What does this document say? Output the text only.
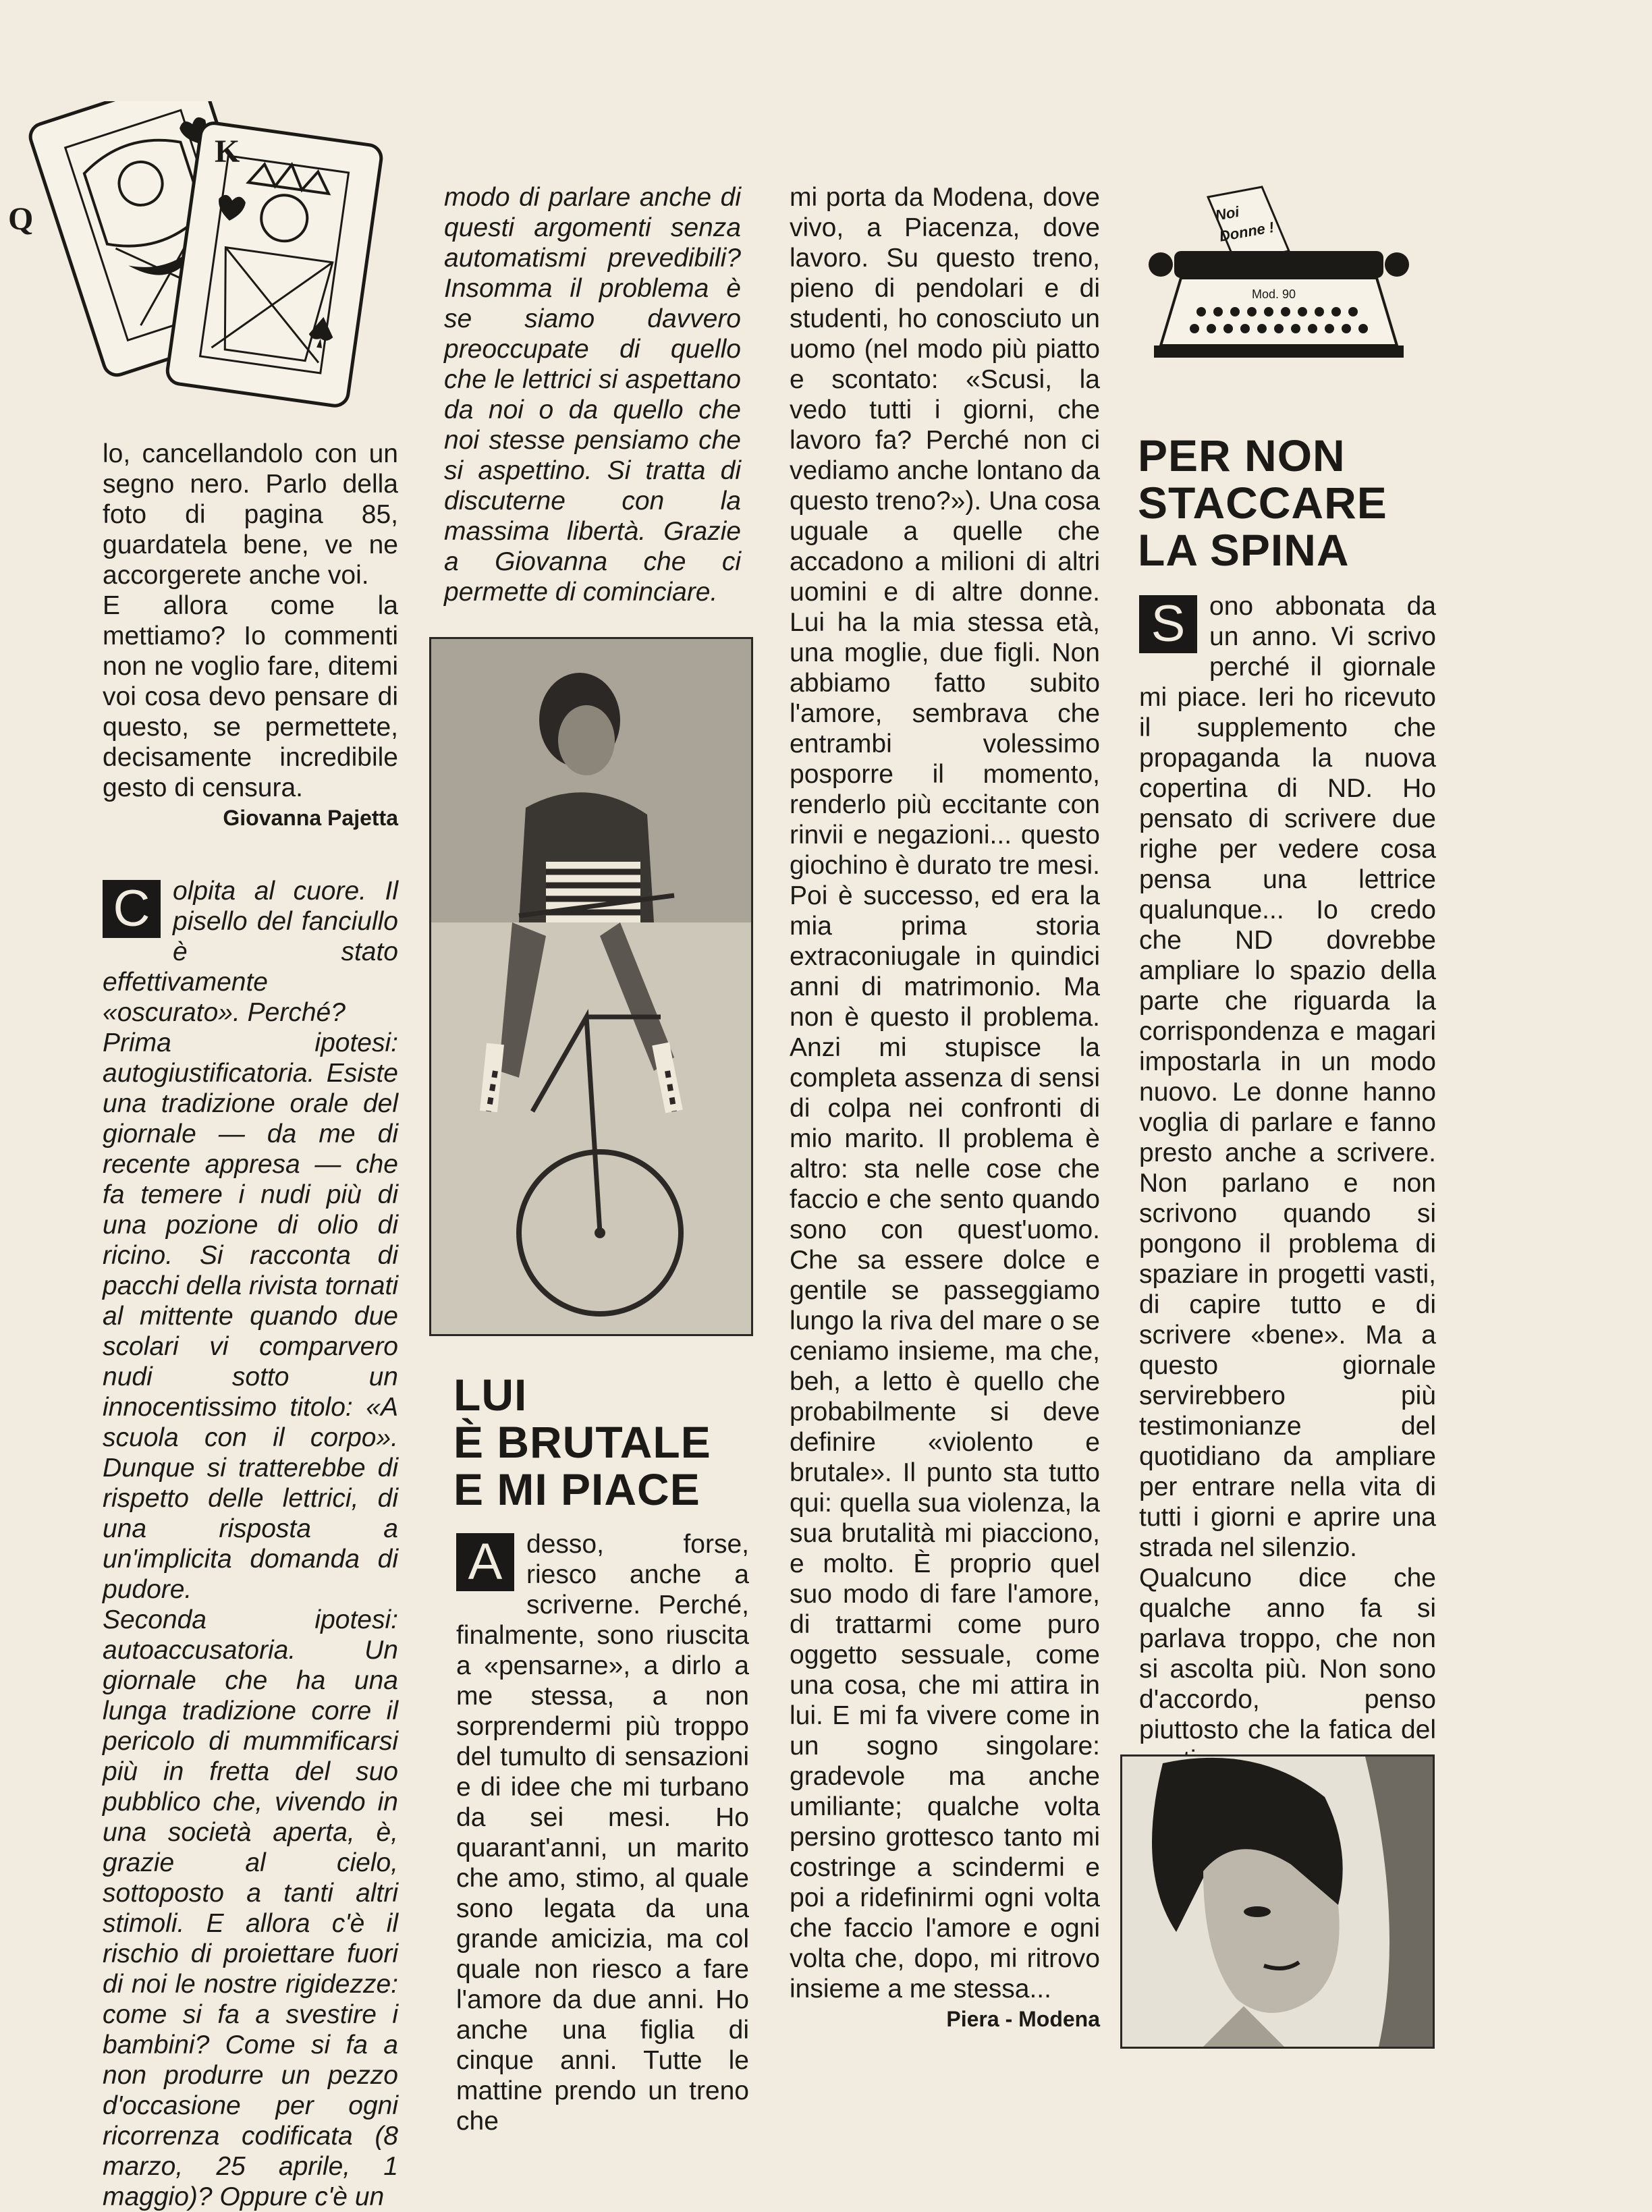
Q
K

lo, cancellandolo con un segno nero. Parlo della foto di pagina 85, guardatela bene, ve ne accorgerete anche voi.

E allora come la mettiamo? Io commenti non ne voglio fare, ditemi voi cosa devo pensare di questo, se permettete, decisamente incredibile gesto di censura.

Giovanna Pajetta

C olpita al cuore. Il pisello del fanciullo è stato effettivamente «oscurato». Perché?

Prima ipotesi: autogiustificatoria. Esiste una tradizione orale del giornale — da me di recente appresa — che fa temere i nudi più di una pozione di olio di ricino. Si racconta di pacchi della rivista tornati al mittente quando due scolari vi comparvero nudi sotto un innocentissimo titolo: «A scuola con il corpo». Dunque si tratterebbe di rispetto delle lettrici, di una risposta a un'implicita domanda di pudore.

Seconda ipotesi: autoaccusatoria. Un giornale che ha una lunga tradizione corre il pericolo di mummificarsi più in fretta del suo pubblico che, vivendo in una società aperta, è, grazie al cielo, sottoposto a tanti altri stimoli. E allora c'è il rischio di proiettare fuori di noi le nostre rigidezze: come si fa a svestire i bambini? Come si fa a non produrre un pezzo d'occasione per ogni ricorrenza codificata (8 marzo, 25 aprile, 1 maggio)? Oppure c'è un

modo di parlare anche di questi argomenti senza automatismi prevedibili? Insomma il problema è se siamo davvero preoccupate di quello che le lettrici si aspettano da noi o da quello che noi stesse pensiamo che si aspettino. Si tratta di discuterne con la massima libertà. Grazie a Giovanna che ci permette di cominciare.

LUI

È BRUTALE

E MI PIACE

A desso, forse, riesco anche a scriverne. Perché, finalmente, sono riuscita a «pensarne», a dirlo a me stessa, a non sorprendermi più troppo del tumulto di sensazioni e di idee che mi turbano da sei mesi. Ho quarant'anni, un marito che amo, stimo, al quale sono legata da una grande amicizia, ma col quale non riesco a fare l'amore da due anni. Ho anche una figlia di cinque anni. Tutte le mattine prendo un treno che

mi porta da Modena, dove vivo, a Piacenza, dove lavoro. Su questo treno, pieno di pendolari e di studenti, ho conosciuto un uomo (nel modo più piatto e scontato: «Scusi, la vedo tutti i giorni, che lavoro fa? Perché non ci vediamo anche lontano da questo treno?»). Una cosa uguale a quelle che accadono a milioni di altri uomini e di altre donne. Lui ha la mia stessa età, una moglie, due figli. Non abbiamo fatto subito l'amore, sembrava che entrambi volessimo posporre il momento, renderlo più eccitante con rinvii e negazioni... questo giochino è durato tre mesi. Poi è successo, ed era la mia prima storia extraconiugale in quindici anni di matrimonio. Ma non è questo il problema. Anzi mi stupisce la completa assenza di sensi di colpa nei confronti di mio marito. Il problema è altro: sta nelle cose che faccio e che sento quando sono con quest'uomo. Che sa essere dolce e gentile se passeggiamo lungo la riva del mare o se ceniamo insieme, ma che, beh, a letto è quello che probabilmente si deve definire «violento e brutale». Il punto sta tutto qui: quella sua violenza, la sua brutalità mi piacciono, e molto. È proprio quel suo modo di fare l'amore, di trattarmi come puro oggetto sessuale, come una cosa, che mi attira in lui. E mi fa vivere come in un sogno singolare: gradevole ma anche umiliante; qualche volta persino grottesco tanto mi costringe a scindermi e poi a ridefinirmi ogni volta che faccio l'amore e ogni volta che, dopo, mi ritrovo insieme a me stessa...

Piera - Modena

Noi
Donne !
Mod. 90

PER NON

STACCARE

LA SPINA

S ono abbonata da un anno. Vi scrivo perché il giornale mi piace. Ieri ho ricevuto il supplemento che propaganda la nuova copertina di ND. Ho pensato di scrivere due righe per vedere cosa pensa una lettrice qualunque... Io credo che ND dovrebbe ampliare lo spazio della parte che riguarda la corrispondenza e magari impostarla in un modo nuovo. Le donne hanno voglia di parlare e fanno presto anche a scrivere. Non parlano e non scrivono quando si pongono il problema di spaziare in progetti vasti, di capire tutto e di scrivere «bene». Ma a questo giornale servirebbero più testimonianze del quotidiano da ampliare per entrare nella vita di tutti i giorni e aprire una strada nel silenzio.

Qualcuno dice che qualche anno fa si parlava troppo, che non si ascolta più. Non sono d'accordo, penso piuttosto che la fatica del
